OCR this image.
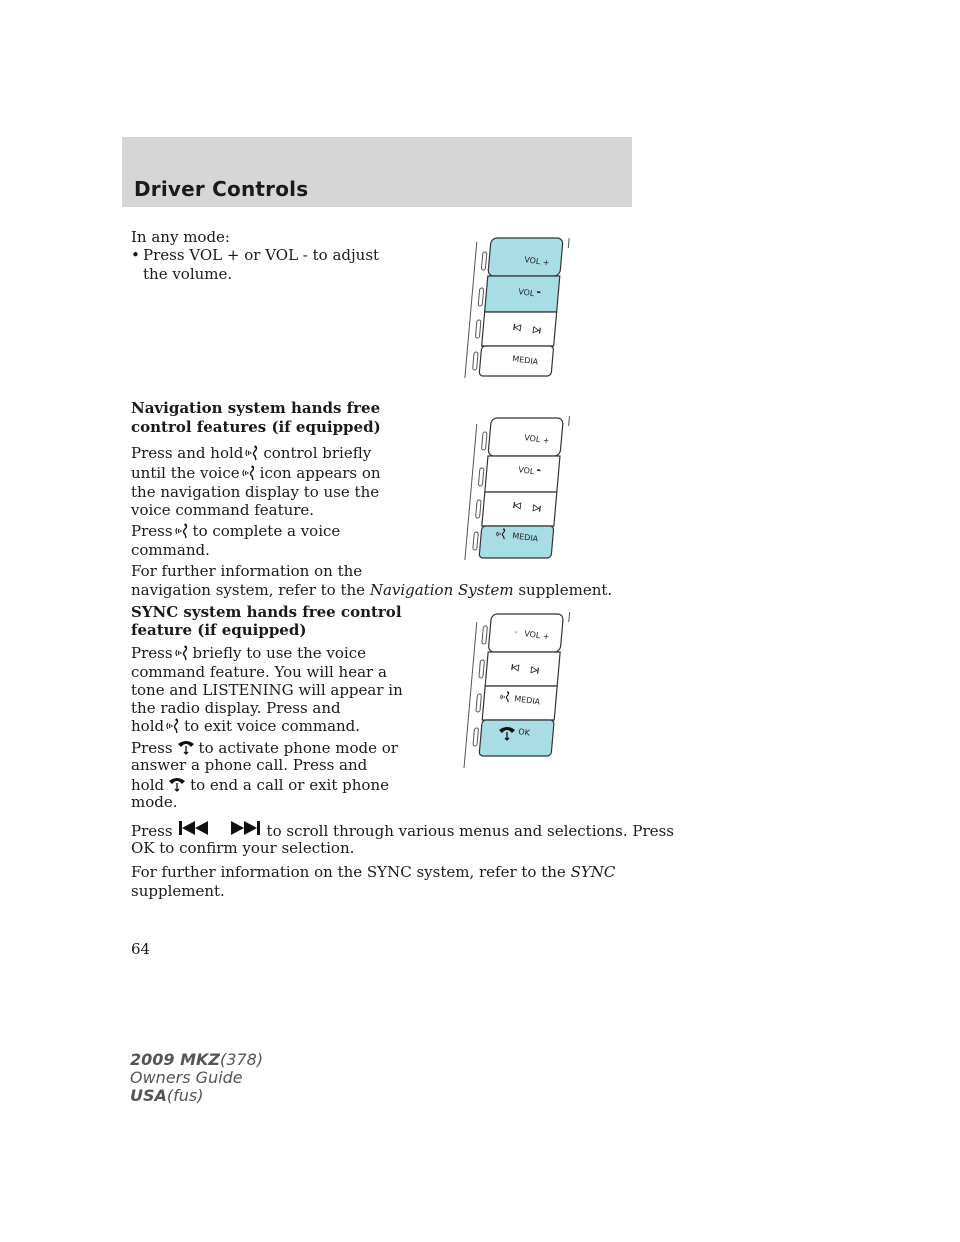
Driver Controls

In any mode:

• Press VOL + or VOL - to adjust

the volume.

Navigation system hands free

control features (if equipped)

Press and hold control briefly

until the voice icon appears on

the navigation display to use the

voice command feature.

Press to complete a voice

command.

For further information on the

navigation system, refer to the Navigation System supplement.

SYNC system hands free control

feature (if equipped)

Press briefly to use the voice

command feature. You will hear a

tone and LISTENING will appear in

the radio display. Press and

hold to exit voice command.

Press to activate phone mode or

answer a phone call. Press and

hold to end a call or exit phone

mode.

Press	to scroll through various menus and selections. Press

OK to confirm your selection.

For further information on the SYNC system, refer to the SYNC

supplement.

64
2009 MKZ(378)
Owners Guide
USA(fus)
VOL +
VOL -
MEDIA
VOL +
VOL -
MEDIA
- VOL +
MEDIA
OK
